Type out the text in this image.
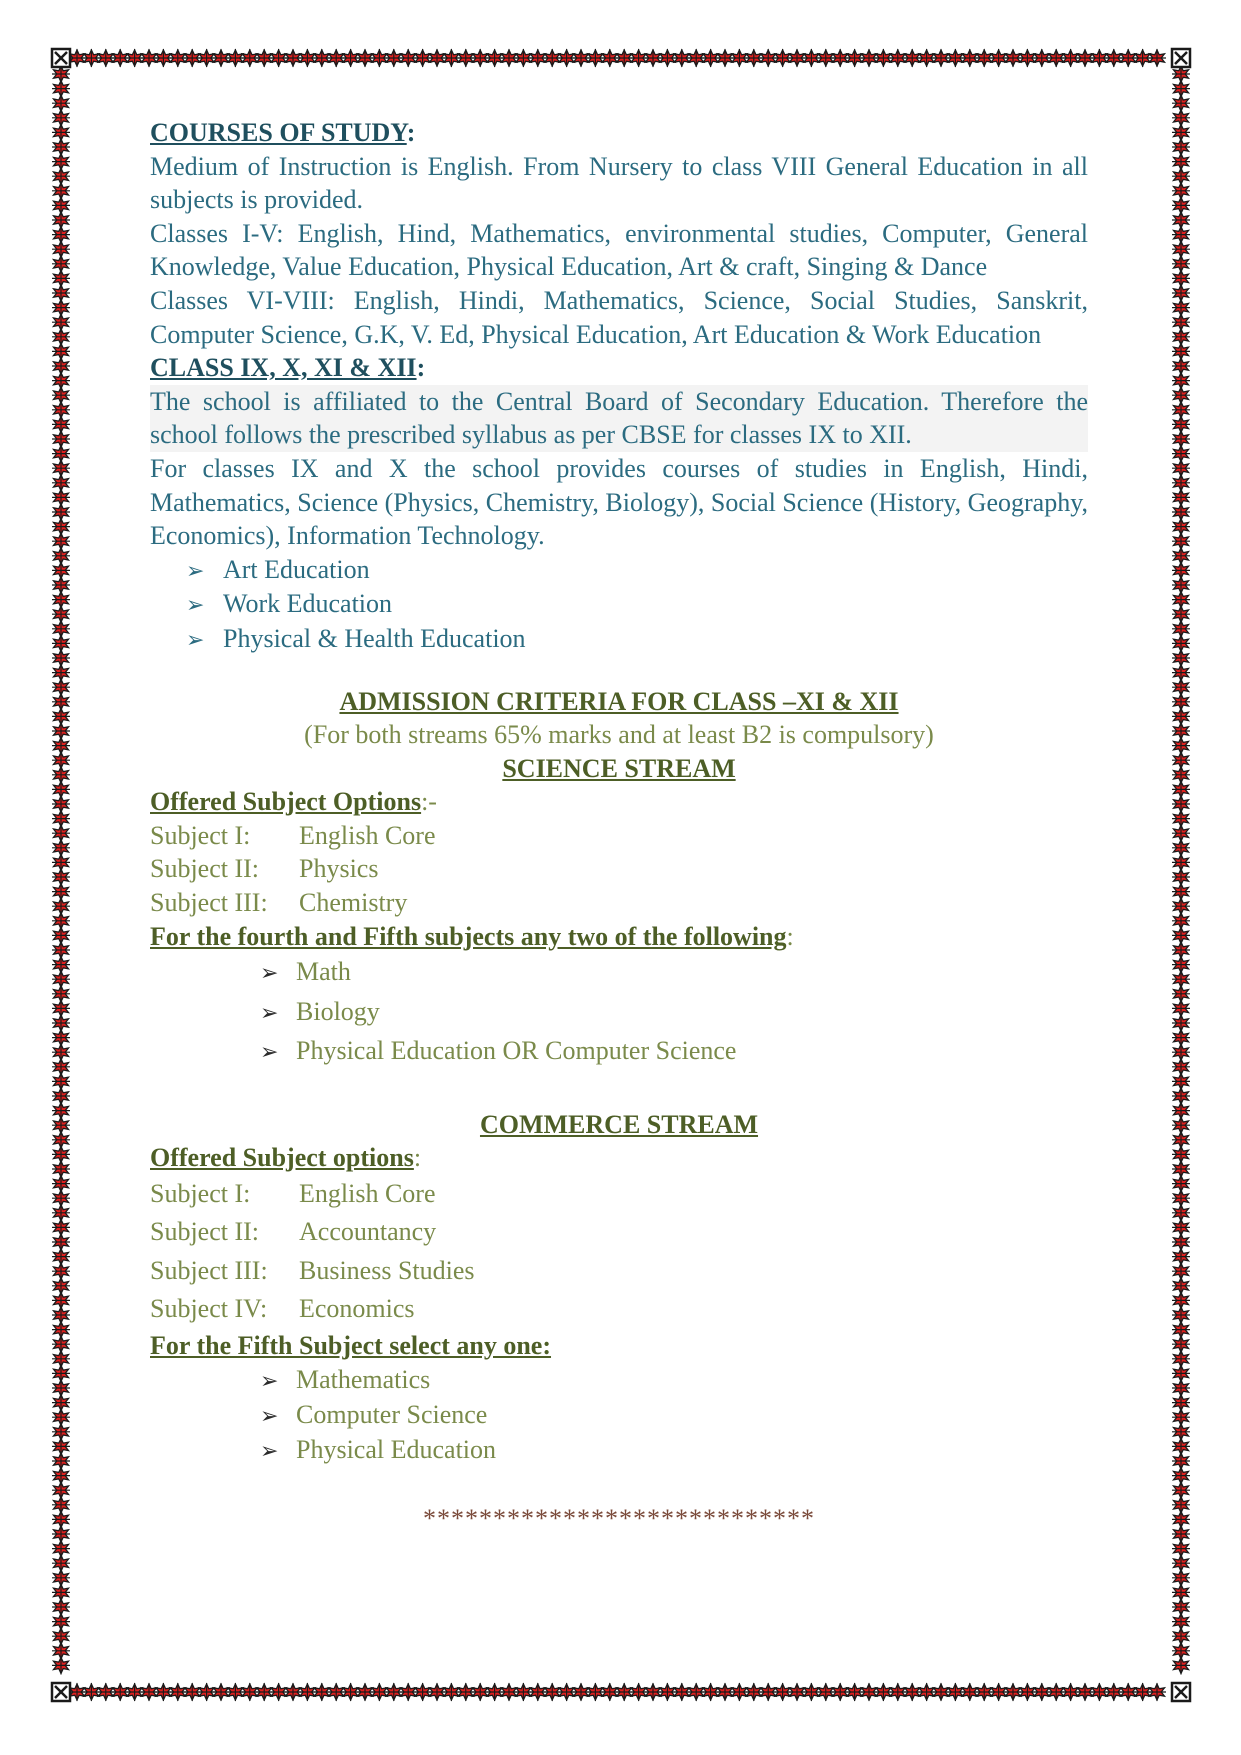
COURSES OF STUDY:

Medium of Instruction is English. From Nursery to class VIII General Education in all subjects is provided.

Classes I-V: English, Hind, Mathematics, environmental studies, Computer, General Knowledge, Value Education, Physical Education, Art & craft, Singing & Dance

Classes VI-VIII: English, Hindi, Mathematics, Science, Social Studies, Sanskrit, Computer Science, G.K, V. Ed, Physical Education, Art Education & Work Education

CLASS IX, X, XI & XII:

The school is affiliated to the Central Board of Secondary Education. Therefore the school follows the prescribed syllabus as per CBSE for classes IX to XII.

For classes IX and X the school provides courses of studies in English, Hindi, Mathematics, Science (Physics, Chemistry, Biology), Social Science (History, Geography, Economics), Information Technology.

➢ Art Education
➢ Work Education
➢ Physical & Health Education
ADMISSION CRITERIA FOR CLASS –XI & XII
(For both streams 65% marks and at least B2 is compulsory)
SCIENCE STREAM
Offered Subject Options:-
Subject I:	English Core
Subject II:	Physics
Subject III:	Chemistry
For the fourth and Fifth subjects any two of the following:
➢ Math
➢ Biology
➢ Physical Education OR Computer Science
COMMERCE STREAM
Offered Subject options:
Subject I:	English Core
Subject II:	Accountancy
Subject III:	Business Studies
Subject IV:	Economics
For the Fifth Subject select any one:
➢ Mathematics
➢ Computer Science
➢ Physical Education
****************************
